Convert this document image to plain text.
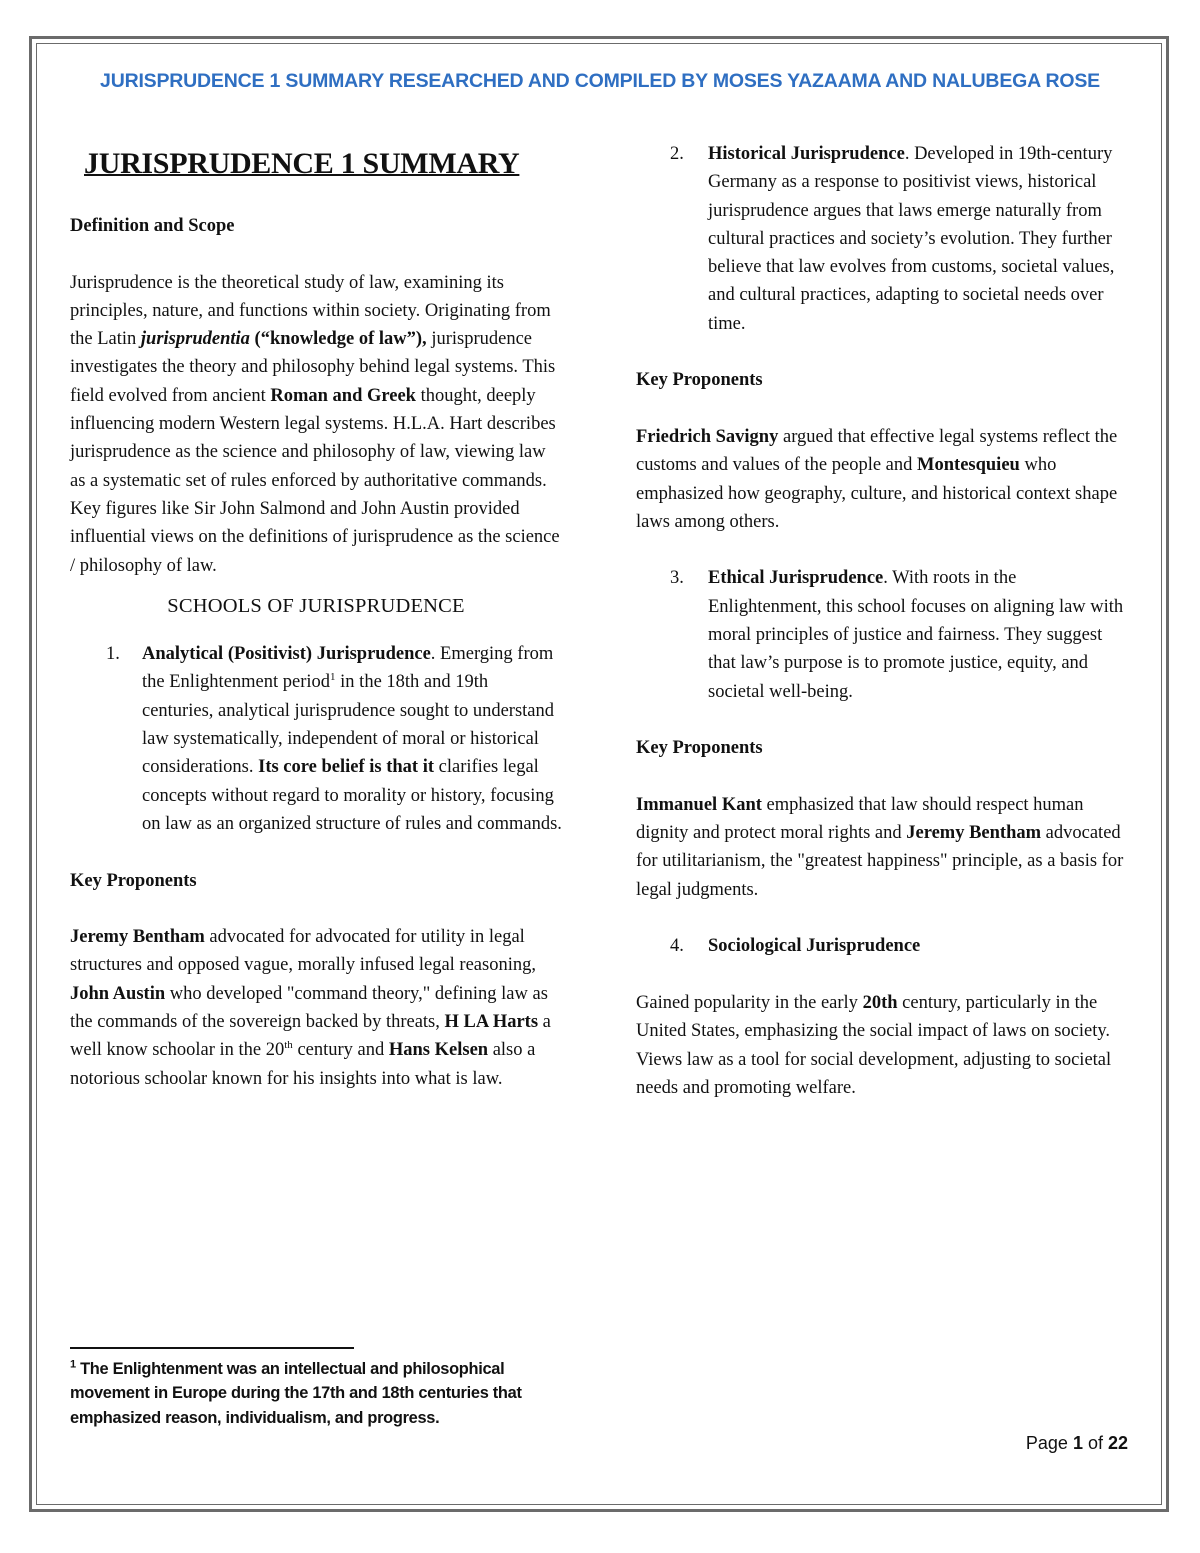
JURISPRUDENCE 1 SUMMARY RESEARCHED AND COMPILED BY MOSES YAZAAMA AND NALUBEGA ROSE
JURISPRUDENCE 1 SUMMARY

Definition and Scope

Jurisprudence is the theoretical study of law, examining its principles, nature, and functions within society. Originating from the Latin jurisprudentia (“knowledge of law”), jurisprudence investigates the theory and philosophy behind legal systems. This field evolved from ancient Roman and Greek thought, deeply influencing modern Western legal systems. H.L.A. Hart describes jurisprudence as the science and philosophy of law, viewing law as a systematic set of rules enforced by authoritative commands. Key figures like Sir John Salmond and John Austin provided influential views on the definitions of jurisprudence as the science / philosophy of law.

SCHOOLS OF JURISPRUDENCE
1. Analytical (Positivist) Jurisprudence. Emerging from the Enlightenment period$^1$ in the 18th and 19th centuries, analytical jurisprudence sought to understand law systematically, independent of moral or historical considerations. Its core belief is that it clarifies legal concepts without regard to morality or history, focusing on law as an organized structure of rules and commands.

Key Proponents

Jeremy Bentham advocated for advocated for utility in legal structures and opposed vague, morally infused legal reasoning, John Austin who developed "command theory," defining law as the commands of the sovereign backed by threats, H LA Harts a well know schoolar in the 20th century and Hans Kelsen also a notorious schoolar known for his insights into what is law.

$^1$ The Enlightenment was an intellectual and philosophical movement in Europe during the 17th and 18th centuries that emphasized reason, individualism, and progress.
2. Historical Jurisprudence. Developed in 19th-century Germany as a response to positivist views, historical jurisprudence argues that laws emerge naturally from cultural practices and society’s evolution. They further believe that law evolves from customs, societal values, and cultural practices, adapting to societal needs over time.

Key Proponents

Friedrich Savigny argued that effective legal systems reflect the customs and values of the people and Montesquieu who emphasized how geography, culture, and historical context shape laws among others.

3. Ethical Jurisprudence. With roots in the Enlightenment, this school focuses on aligning law with moral principles of justice and fairness. They suggest that law’s purpose is to promote justice, equity, and societal well-being.

Key Proponents

Immanuel Kant emphasized that law should respect human dignity and protect moral rights and Jeremy Bentham advocated for utilitarianism, the "greatest happiness" principle, as a basis for legal judgments.

4. Sociological Jurisprudence

Gained popularity in the early 20th century, particularly in the United States, emphasizing the social impact of laws on society. Views law as a tool for social development, adjusting to societal needs and promoting welfare.

Page 1 of 22
